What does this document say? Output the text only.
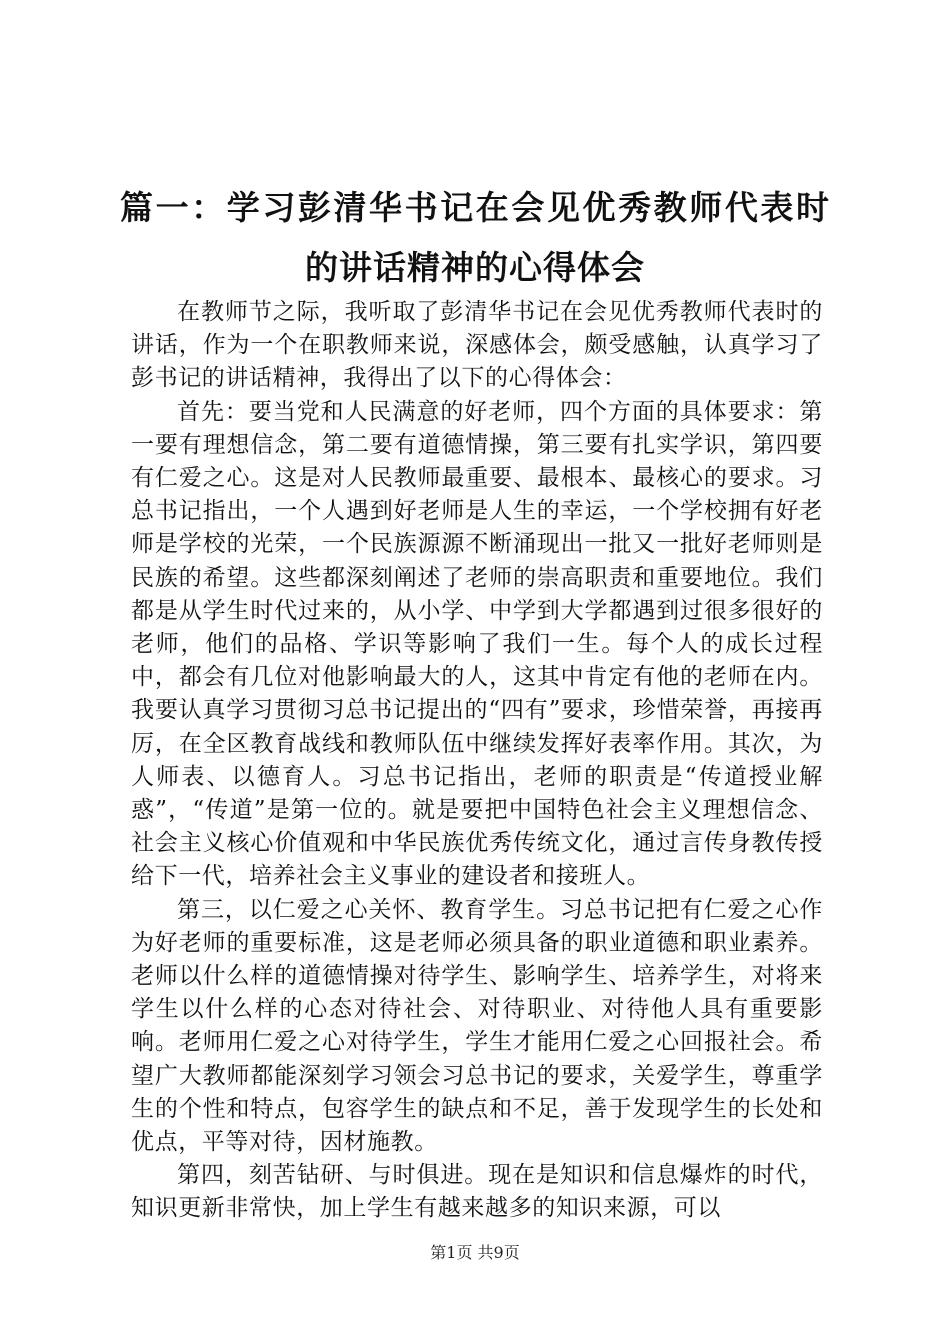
篇一：学习彭清华书记在会见优秀教师代表时
的讲话精神的心得体会

在教师节之际，我听取了彭清华书记在会见优秀教师代表时的讲话，作为一个在职教师来说，深感体会，颇受感触，认真学习了彭书记的讲话精神，我得出了以下的心得体会：

首先：要当党和人民满意的好老师，四个方面的具体要求：第一要有理想信念，第二要有道德情操，第三要有扎实学识，第四要有仁爱之心。这是对人民教师最重要、最根本、最核心的要求。习总书记指出，一个人遇到好老师是人生的幸运，一个学校拥有好老师是学校的光荣，一个民族源源不断涌现出一批又一批好老师则是民族的希望。这些都深刻阐述了老师的崇高职责和重要地位。我们都是从学生时代过来的，从小学、中学到大学都遇到过很多很好的老师，他们的品格、学识等影响了我们一生。每个人的成长过程中，都会有几位对他影响最大的人，这其中肯定有他的老师在内。我要认真学习贯彻习总书记提出的“四有”要求，珍惜荣誉，再接再厉，在全区教育战线和教师队伍中继续发挥好表率作用。其次，为人师表、以德育人。习总书记指出，老师的职责是“传道授业解惑”，“传道”是第一位的。就是要把中国特色社会主义理想信念、社会主义核心价值观和中华民族优秀传统文化，通过言传身教传授给下一代，培养社会主义事业的建设者和接班人。

第三，以仁爱之心关怀、教育学生。习总书记把有仁爱之心作为好老师的重要标准，这是老师必须具备的职业道德和职业素养。老师以什么样的道德情操对待学生、影响学生、培养学生，对将来学生以什么样的心态对待社会、对待职业、对待他人具有重要影响。老师用仁爱之心对待学生，学生才能用仁爱之心回报社会。希望广大教师都能深刻学习领会习总书记的要求，关爱学生，尊重学生的个性和特点，包容学生的缺点和不足，善于发现学生的长处和优点，平等对待，因材施教。

第四，刻苦钻研、与时俱进。现在是知识和信息爆炸的时代，知识更新非常快，加上学生有越来越多的知识来源，可以

第1页 共9页
